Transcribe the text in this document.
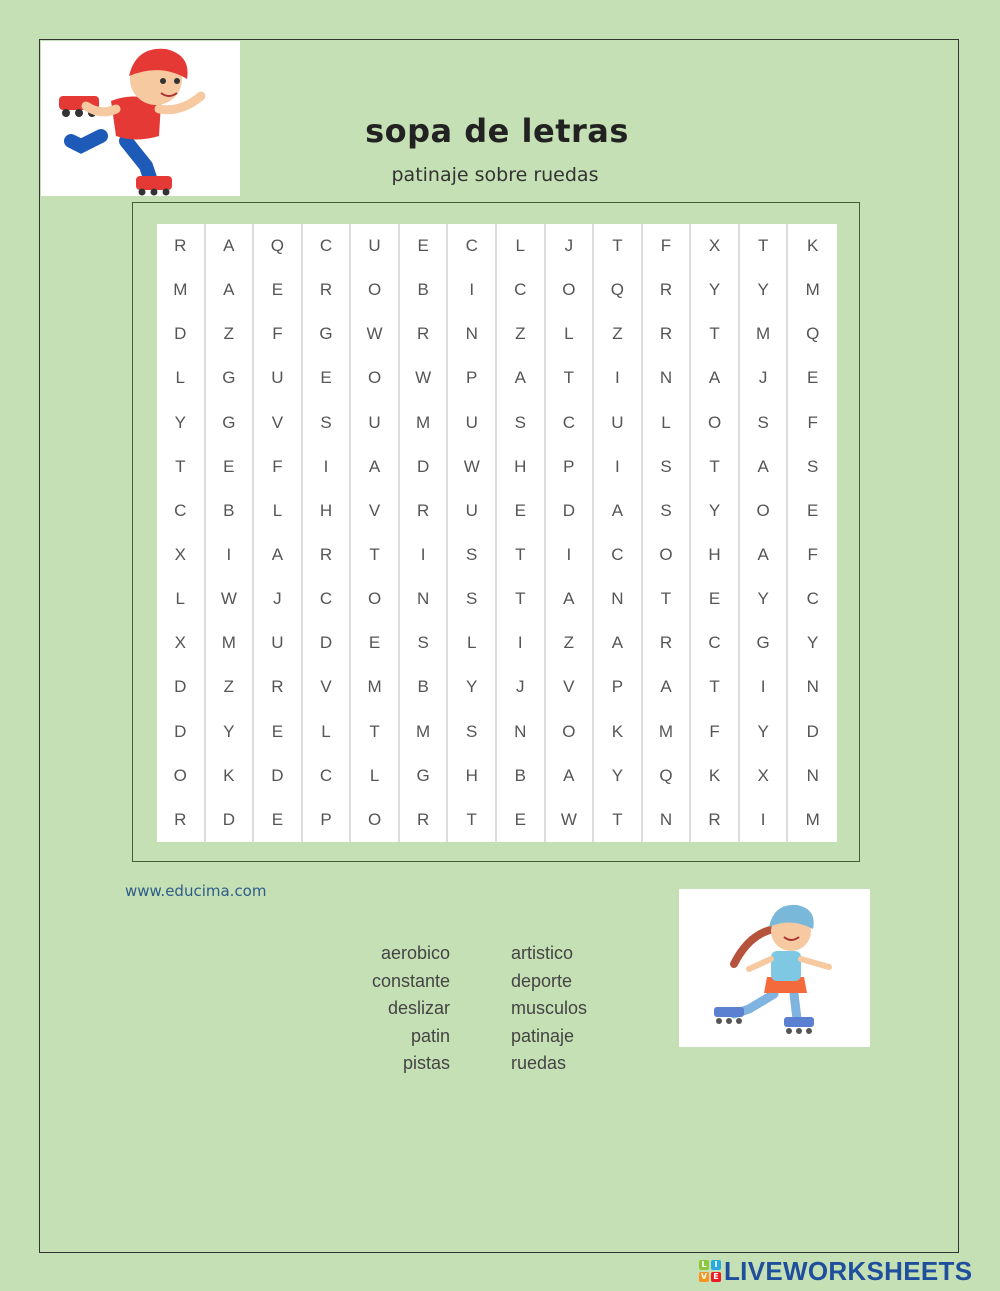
sopa de letras
patinaje sobre ruedas
R	A	Q	C	U	E	C	L	J	T	F	X	T	K
M	A	E	R	O	B	I	C	O	Q	R	Y	Y	M
D	Z	F	G	W	R	N	Z	L	Z	R	T	M	Q
L	G	U	E	O	W	P	A	T	I	N	A	J	E
Y	G	V	S	U	M	U	S	C	U	L	O	S	F
T	E	F	I	A	D	W	H	P	I	S	T	A	S
C	B	L	H	V	R	U	E	D	A	S	Y	O	E
X	I	A	R	T	I	S	T	I	C	O	H	A	F
L	W	J	C	O	N	S	T	A	N	T	E	Y	C
X	M	U	D	E	S	L	I	Z	A	R	C	G	Y
D	Z	R	V	M	B	Y	J	V	P	A	T	I	N
D	Y	E	L	T	M	S	N	O	K	M	F	Y	D
O	K	D	C	L	G	H	B	A	Y	Q	K	X	N
R	D	E	P	O	R	T	E	W	T	N	R	I	M
www.educima.com
aerobico
constante
deslizar
patin
pistas
artistico
deporte
musculos
patinaje
ruedas
L I
V E LIVEWORKSHEETS
